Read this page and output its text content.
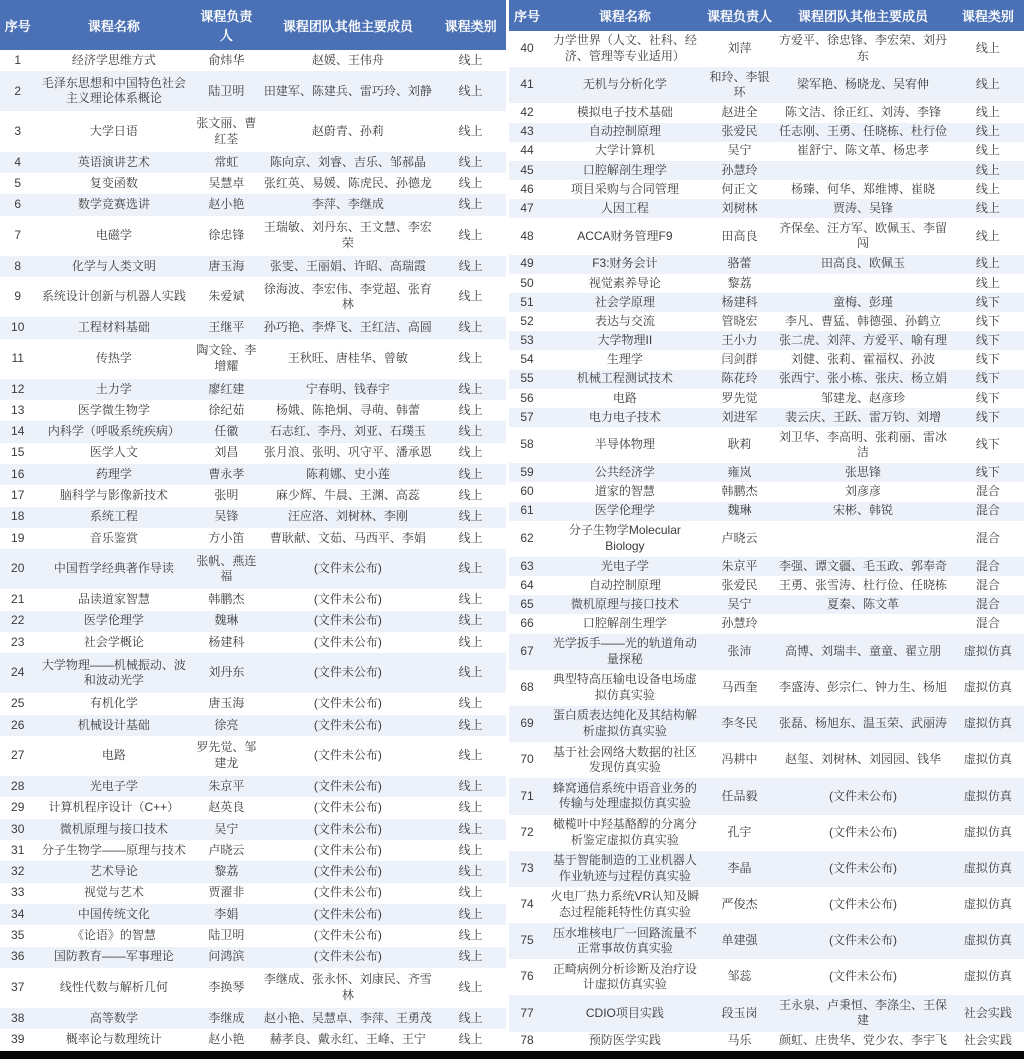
序号	课程名称	课程负责人	课程团队其他主要成员	课程类别
1	经济学思维方式	俞炜华	赵媛、王伟舟	线上
2	毛泽东思想和中国特色社会主义理论体系概论	陆卫明	田建军、陈建兵、雷巧玲、刘静	线上
3	大学日语	张文丽、曹红荃	赵蔚青、孙莉	线上
4	英语演讲艺术	常虹	陈向京、刘睿、吉乐、邹郝晶	线上
5	复变函数	吴慧卓	张红英、易媛、陈虎民、孙德龙	线上
6	数学竞赛选讲	赵小艳	李萍、李继成	线上
7	电磁学	徐忠锋	王瑞敏、刘丹东、王文慧、李宏荣	线上
8	化学与人类文明	唐玉海	张雯、王丽娟、许昭、高瑞霞	线上
9	系统设计创新与机器人实践	朱爱斌	徐海波、李宏伟、李党超、张育林	线上
10	工程材料基础	王继平	孙巧艳、李烨飞、王红洁、高圆	线上
11	传热学	陶文铨、李增耀	王秋旺、唐桂华、曾敏	线上
12	土力学	廖红建	宁春明、钱春宇	线上
13	医学微生物学	徐纪茹	杨娥、陈艳炯、寻萌、韩蕾	线上
14	内科学（呼吸系统疾病）	任徽	石志红、李丹、刘亚、石璞玉	线上
15	医学人文	刘昌	张月浪、张明、巩守平、潘承恩	线上
16	药理学	曹永孝	陈莉娜、史小莲	线上
17	脑科学与影像新技术	张明	麻少辉、牛晨、王渊、高蕊	线上
18	系统工程	吴锋	汪应洛、刘树林、李刚	线上
19	音乐鉴赏	方小笛	曹耿献、文茹、马西平、李娟	线上
20	中国哲学经典著作导读	张帆、燕连福	(文件未公布)	线上
21	品读道家智慧	韩鹏杰	(文件未公布)	线上
22	医学伦理学	魏琳	(文件未公布)	线上
23	社会学概论	杨建科	(文件未公布)	线上
24	大学物理——机械振动、波和波动光学	刘丹东	(文件未公布)	线上
25	有机化学	唐玉海	(文件未公布)	线上
26	机械设计基础	徐亮	(文件未公布)	线上
27	电路	罗先觉、邹建龙	(文件未公布)	线上
28	光电子学	朱京平	(文件未公布)	线上
29	计算机程序设计（C++）	赵英良	(文件未公布)	线上
30	微机原理与接口技术	吴宁	(文件未公布)	线上
31	分子生物学——原理与技术	卢晓云	(文件未公布)	线上
32	艺术导论	黎荔	(文件未公布)	线上
33	视觉与艺术	贾濯非	(文件未公布)	线上
34	中国传统文化	李娟	(文件未公布)	线上
35	《论语》的智慧	陆卫明	(文件未公布)	线上
36	国防教育——军事理论	问鸿滨	(文件未公布)	线上
37	线性代数与解析几何	李换琴	李继成、张永怀、刘康民、齐雪林	线上
38	高等数学	李继成	赵小艳、吴慧卓、李萍、王勇茂	线上
39	概率论与数理统计	赵小艳	赫孝良、戴永红、王峰、王宁	线上
序号	课程名称	课程负责人	课程团队其他主要成员	课程类别
40	力学世界（人文、社科、经济、管理等专业适用）	刘萍	方爱平、徐忠锋、李宏荣、刘丹东	线上
41	无机与分析化学	和玲、李银环	梁军艳、杨晓龙、吴宥伸	线上
42	模拟电子技术基础	赵进全	陈文洁、徐正红、刘涛、李锋	线上
43	自动控制原理	张爱民	任志刚、王勇、任晓栋、杜行俭	线上
44	大学计算机	吴宁	崔舒宁、陈文革、杨忠孝	线上
45	口腔解剖生理学	孙慧玲		线上
46	项目采购与合同管理	何正文	杨臻、何华、郑维博、崔晓	线上
47	人因工程	刘树林	贾涛、吴锋	线上
48	ACCA财务管理F9	田高良	齐保垒、汪方军、欧佩玉、李留闯	线上
49	F3:财务会计	骆蕾	田高良、欧佩玉	线上
50	视觉素养导论	黎荔		线上
51	社会学原理	杨建科	童梅、彭瑾	线下
52	表达与交流	管晓宏	李凡、曹猛、韩德强、孙鹤立	线下
53	大学物理II	王小力	张二虎、刘萍、方爱平、喻有理	线下
54	生理学	闫剑群	刘健、张莉、霍福权、孙波	线下
55	机械工程测试技术	陈花玲	张西宁、张小栋、张庆、杨立娟	线下
56	电路	罗先觉	邹建龙、赵彦珍	线下
57	电力电子技术	刘进军	裴云庆、王跃、雷万钧、刘增	线下
58	半导体物理	耿莉	刘卫华、李高明、张莉丽、雷冰洁	线下
59	公共经济学	雍岚	张思锋	线下
60	道家的智慧	韩鹏杰	刘彦彦	混合
61	医学伦理学	魏琳	宋彬、韩锐	混合
62	分子生物学Molecular Biology	卢晓云		混合
63	光电子学	朱京平	李强、谭文疆、毛玉政、郭奉奇	混合
64	自动控制原理	张爱民	王勇、张雪涛、杜行俭、任晓栋	混合
65	微机原理与接口技术	吴宁	夏秦、陈文革	混合
66	口腔解剖生理学	孙慧玲		混合
67	光学扳手——光的轨道角动量探秘	张沛	高博、刘瑞丰、童童、翟立朋	虚拟仿真
68	典型特高压输电设备电场虚拟仿真实验	马西奎	李盛涛、彭宗仁、钟力生、杨旭	虚拟仿真
69	蛋白质表达纯化及其结构解析虚拟仿真实验	李冬民	张磊、杨旭东、温玉荣、武丽涛	虚拟仿真
70	基于社会网络大数据的社区发现仿真实验	冯耕中	赵玺、刘树林、刘园园、钱华	虚拟仿真
71	蜂窝通信系统中语音业务的传输与处理虚拟仿真实验	任品毅	(文件未公布)	虚拟仿真
72	橄榄叶中羟基酪醇的分离分析鉴定虚拟仿真实验	孔宇	(文件未公布)	虚拟仿真
73	基于智能制造的工业机器人作业轨迹与过程仿真实验	李晶	(文件未公布)	虚拟仿真
74	火电厂热力系统VR认知及瞬态过程能耗特性仿真实验	严俊杰	(文件未公布)	虚拟仿真
75	压水堆核电厂一回路流量不正常事故仿真实验	单建强	(文件未公布)	虚拟仿真
76	正畸病例分析诊断及治疗设计虚拟仿真实验	邹蕊	(文件未公布)	虚拟仿真
77	CDIO项目实践	段玉岗	王永泉、卢秉恒、李涤尘、王保建	社会实践
78	预防医学实践	马乐	颜虹、庄贵华、党少农、李宇飞	社会实践
